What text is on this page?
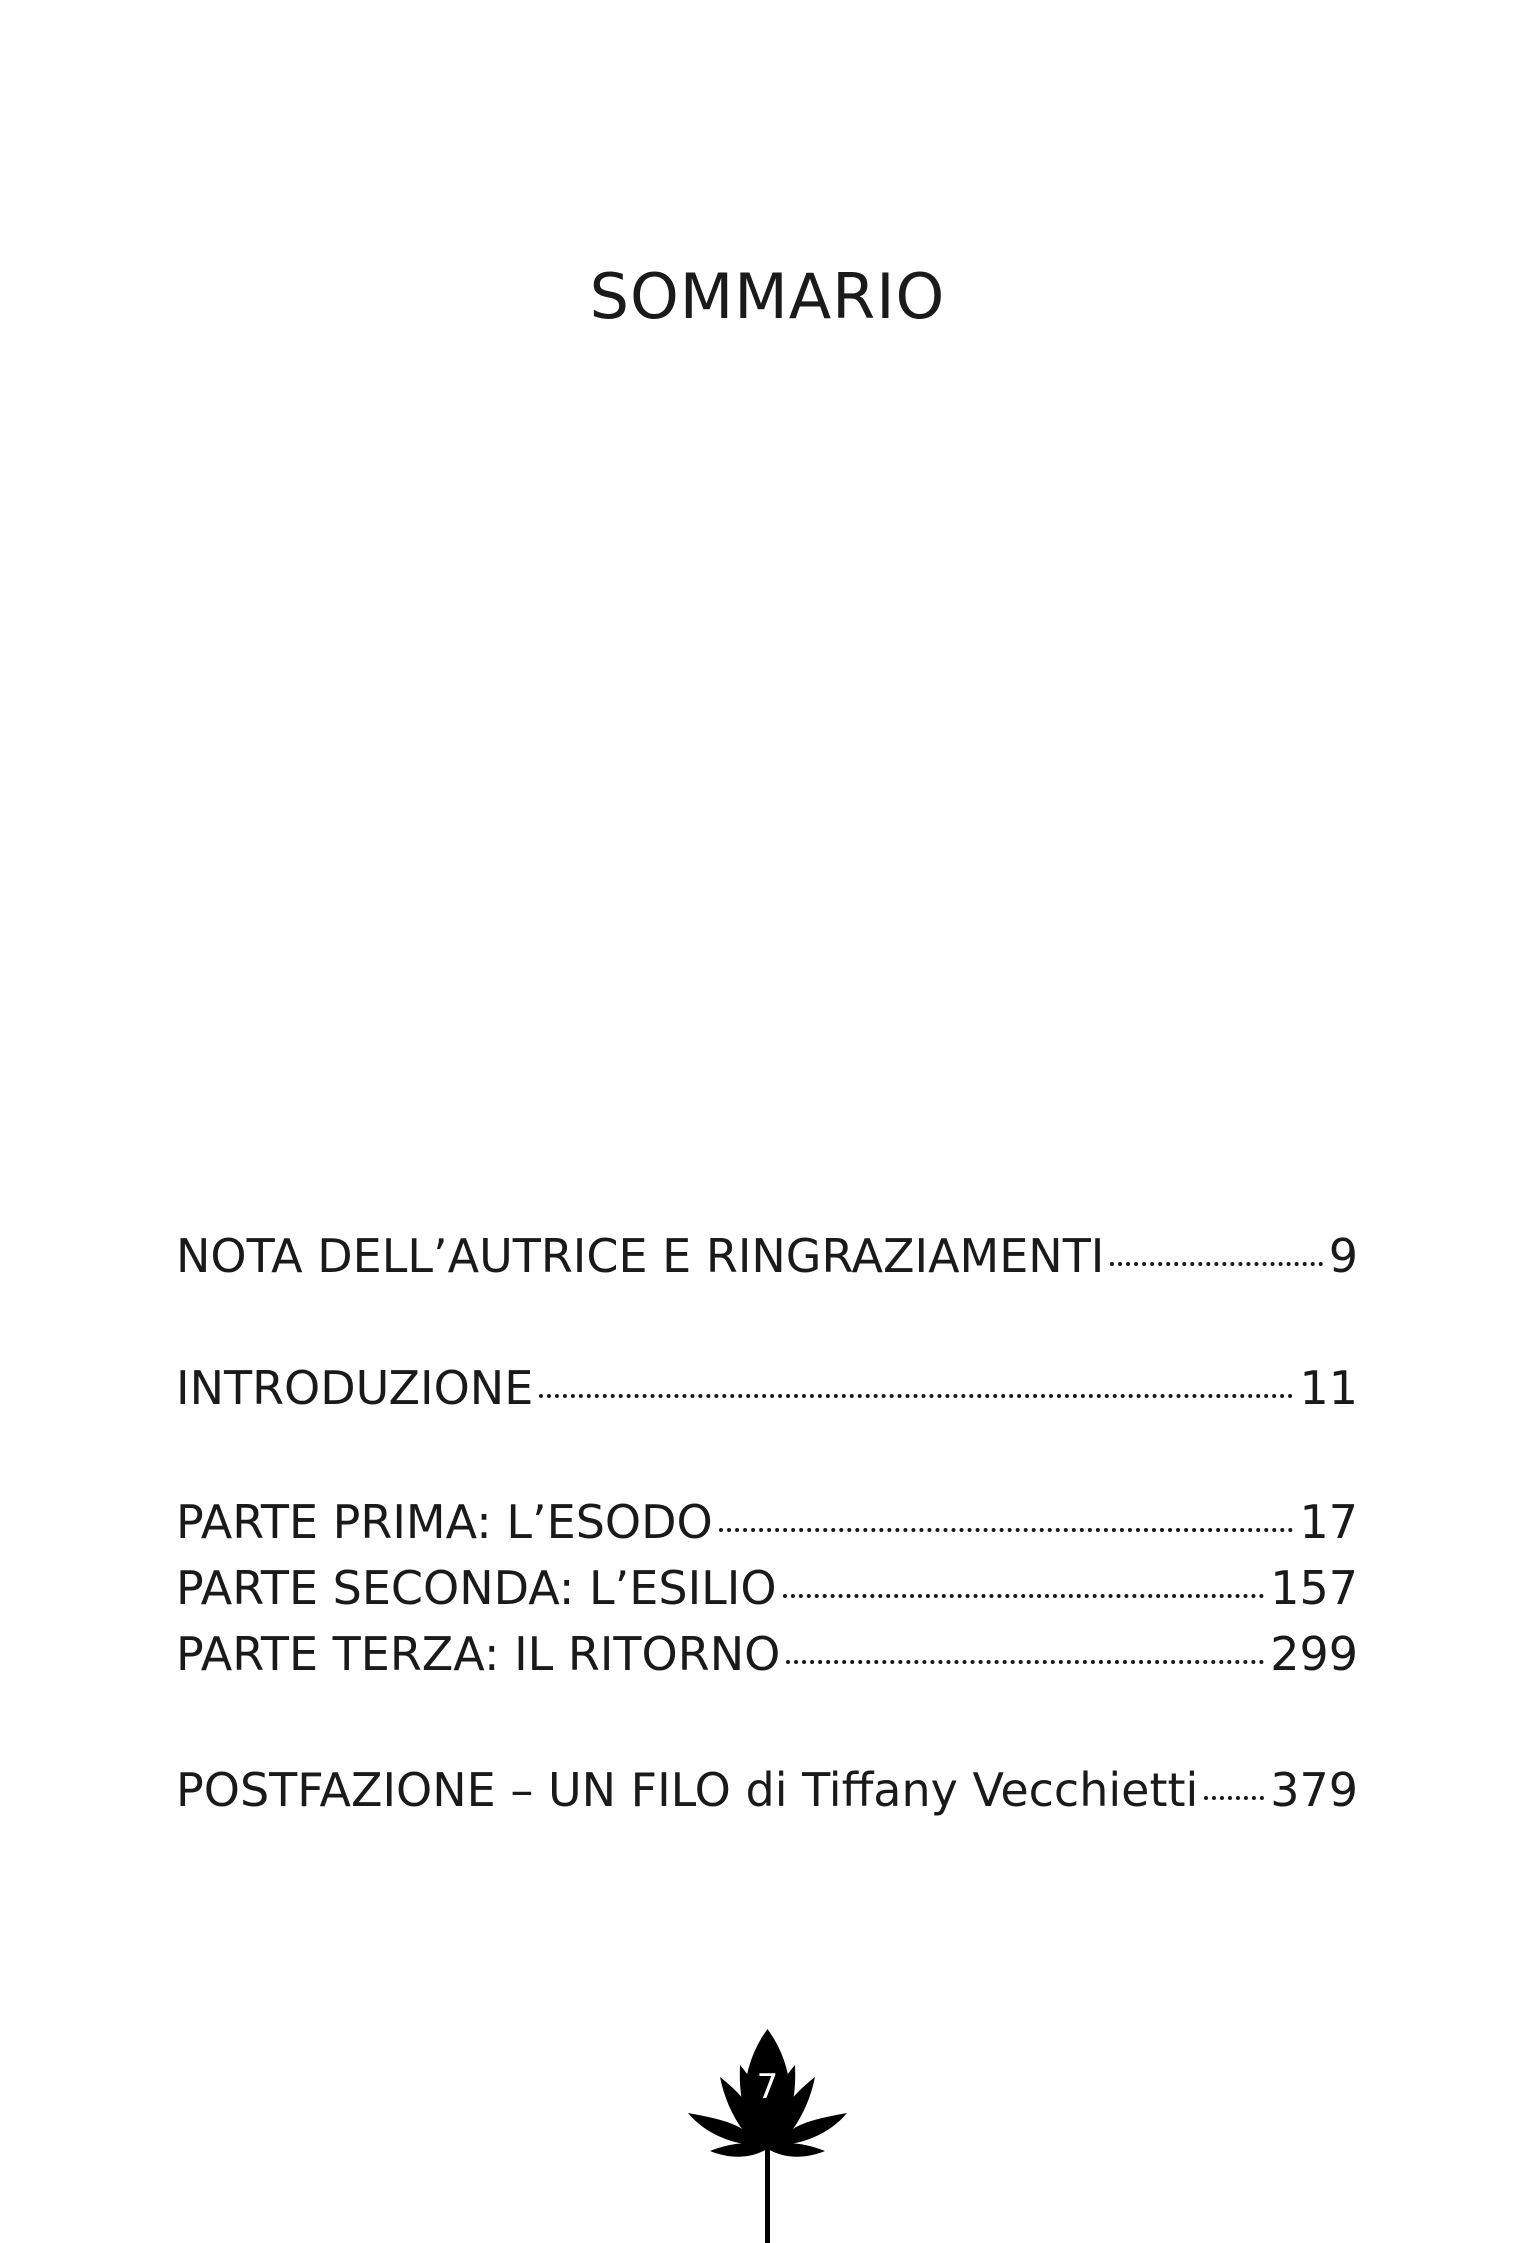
SOMMARIO
NOTA DELL’AUTRICE E RINGRAZIAMENTI	9
INTRODUZIONE	11
PARTE PRIMA: L’ESODO	17
PARTE SECONDA: L’ESILIO	157
PARTE TERZA: IL RITORNO	299
POSTFAZIONE – UN FILO di Tiffany Vecchietti 379
7
